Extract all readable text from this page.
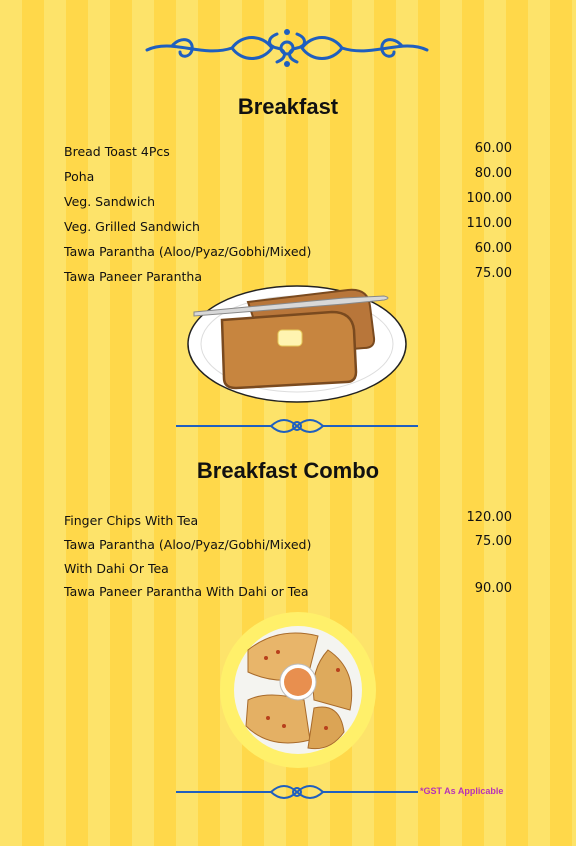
Breakfast
Bread Toast 4Pcs	60.00
Poha	80.00
Veg. Sandwich	100.00
Veg. Grilled Sandwich	110.00
Tawa Parantha (Aloo/Pyaz/Gobhi/Mixed)	60.00
Tawa Paneer Parantha	75.00
Breakfast Combo
Finger Chips With Tea	120.00
Tawa Parantha (Aloo/Pyaz/Gobhi/Mixed)	75.00
With Dahi Or Tea
Tawa Paneer Parantha With Dahi or Tea	90.00
*GST As Applicable
